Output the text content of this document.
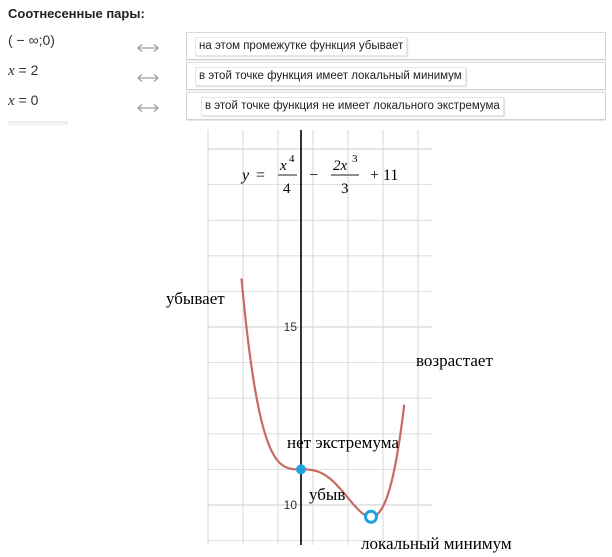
Соотнесенные пары:
( − ∞;0)	на этом промежутке функция убывает
x = 2	в этой точке функция имеет локальный минимум
x = 0	в этой точке функция не имеет локального экстремума
15
10
y =
x 4
4
−
2x 3
3
+ 11
убывает
возрастает
нет экстремума
убыв
локальный минимум
